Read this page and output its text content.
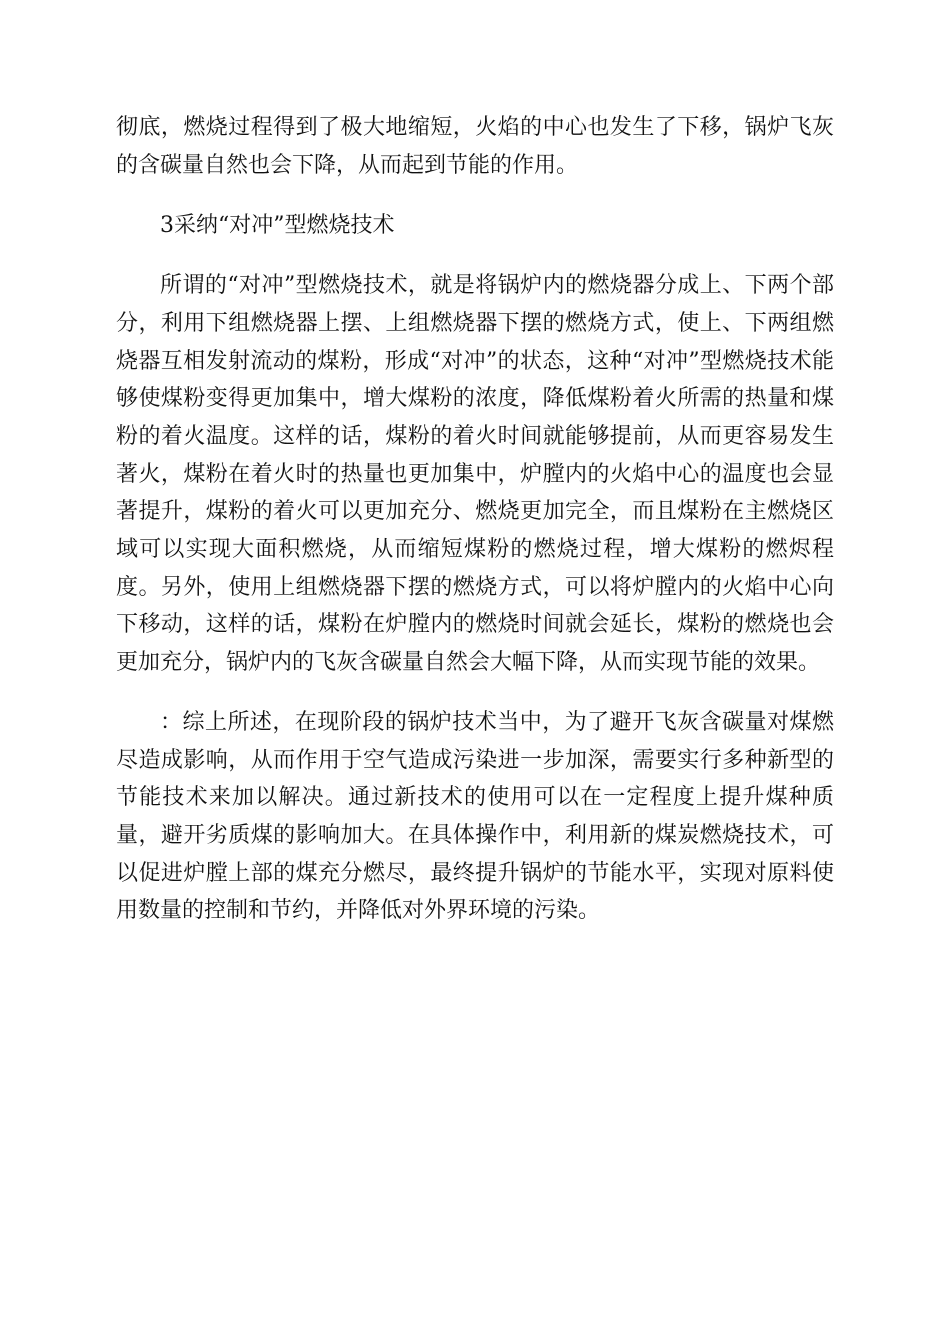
彻底，燃烧过程得到了极大地缩短，火焰的中心也发生了下移，锅炉飞灰的含碳量自然也会下降，从而起到节能的作用。

3采纳“对冲”型燃烧技术

所谓的“对冲”型燃烧技术，就是将锅炉内的燃烧器分成上、下两个部分，利用下组燃烧器上摆、上组燃烧器下摆的燃烧方式，使上、下两组燃烧器互相发射流动的煤粉，形成“对冲”的状态，这种“对冲”型燃烧技术能够使煤粉变得更加集中，增大煤粉的浓度，降低煤粉着火所需的热量和煤粉的着火温度。这样的话，煤粉的着火时间就能够提前，从而更容易发生著火，煤粉在着火时的热量也更加集中，炉膛内的火焰中心的温度也会显著提升，煤粉的着火可以更加充分、燃烧更加完全，而且煤粉在主燃烧区域可以实现大面积燃烧，从而缩短煤粉的燃烧过程，增大煤粉的燃烬程度。另外，使用上组燃烧器下摆的燃烧方式，可以将炉膛内的火焰中心向下移动，这样的话，煤粉在炉膛内的燃烧时间就会延长，煤粉的燃烧也会更加充分，锅炉内的飞灰含碳量自然会大幅下降，从而实现节能的效果。

：综上所述，在现阶段的锅炉技术当中，为了避开飞灰含碳量对煤燃尽造成影响，从而作用于空气造成污染进一步加深，需要实行多种新型的节能技术来加以解决。通过新技术的使用可以在一定程度上提升煤种质量，避开劣质煤的影响加大。在具体操作中，利用新的煤炭燃烧技术，可以促进炉膛上部的煤充分燃尽，最终提升锅炉的节能水平，实现对原料使用数量的控制和节约，并降低对外界环境的污染。
